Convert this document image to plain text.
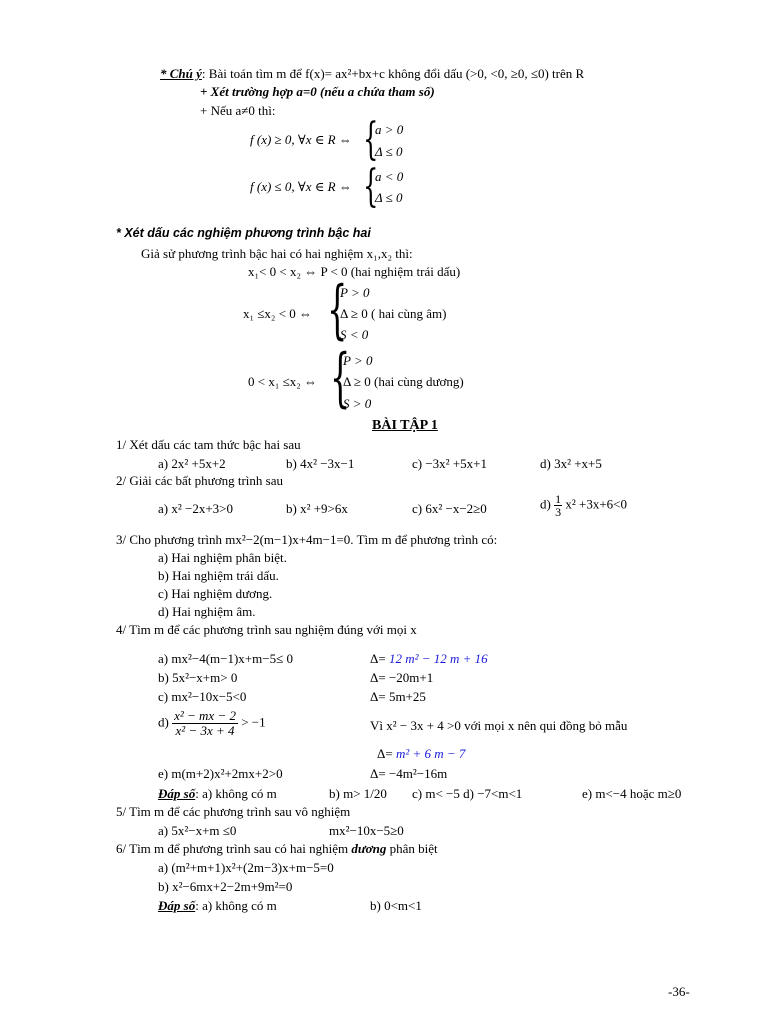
* Chú ý: Bài toán tìm m để f(x)= ax²+bx+c không đổi dấu (>0, <0, ≥0, ≤0) trên R
+ Xét trường hợp a=0 (nếu a chứa tham số)
+ Nếu a≠0 thì:
f (x) ≥ 0, ∀x ∈ R ⇔ {
a > 0
Δ ≤ 0
f (x) ≤ 0, ∀x ∈ R ⇔ {
a < 0
Δ ≤ 0
* Xét dấu các nghiệm phương trình bậc hai
Giả sử phương trình bậc hai có hai nghiệm x₁,x₂ thì:
x₁< 0 < x₂ ⇔ P < 0 (hai nghiệm trái dấu)
x₁ ≤x₂ < 0 ⇔ {
P > 0
Δ ≥ 0 ( hai cùng âm)
S < 0
0 < x₁ ≤x₂ ⇔ {
P > 0
Δ ≥ 0 (hai cùng dương)
S > 0
BÀI TẬP 1
1/ Xét dấu các tam thức bậc hai sau
a) 2x² +5x+2	b) 4x² −3x−1	c) −3x² +5x+1	d) 3x² +x+5
2/ Giải các bất phương trình sau
a) x² −2x+3>0	b) x² +9>6x	c) 6x² −x−2≥0	$d) \frac{1}{3} x^2 +3x+6<0$
3/ Cho phương trình mx²−2(m−1)x+4m−1=0. Tìm m để phương trình có:
a) Hai nghiệm phân biệt.
b) Hai nghiệm trái dấu.
c) Hai nghiệm dương.
d) Hai nghiệm âm.
4/ Tìm m để các phương trình sau nghiệm đúng với mọi x
a) mx²−4(m−1)x+m−5≤ 0	Δ= 12 m² − 12 m + 16
b) 5x²−x+m> 0	Δ= −20m+1
c) mx²−10x−5<0	Δ= 5m+25
$d) \frac{\text{x² − mx − 2}}{\text{x² − 3x + 4}} > -1$	Vì x² − 3x + 4 >0 với mọi x nên qui đồng bỏ mẫu
Δ= m² + 6 m − 7
e) m(m+2)x²+2mx+2>0	Δ= −4m²−16m
Đáp số: a) không có m	b) m> 1/20 c) m< −5 d) −7<m<1	e) m<−4 hoặc m≥0
5/ Tìm m để các phương trình sau vô nghiệm
a) 5x²−x+m ≤0	mx²−10x−5≥0
6/ Tìm m để phương trình sau có hai nghiệm dương phân biệt
a) (m²+m+1)x²+(2m−3)x+m−5=0
b) x²−6mx+2−2m+9m²=0
Đáp số: a) không có m	b) 0<m<1
-36-
